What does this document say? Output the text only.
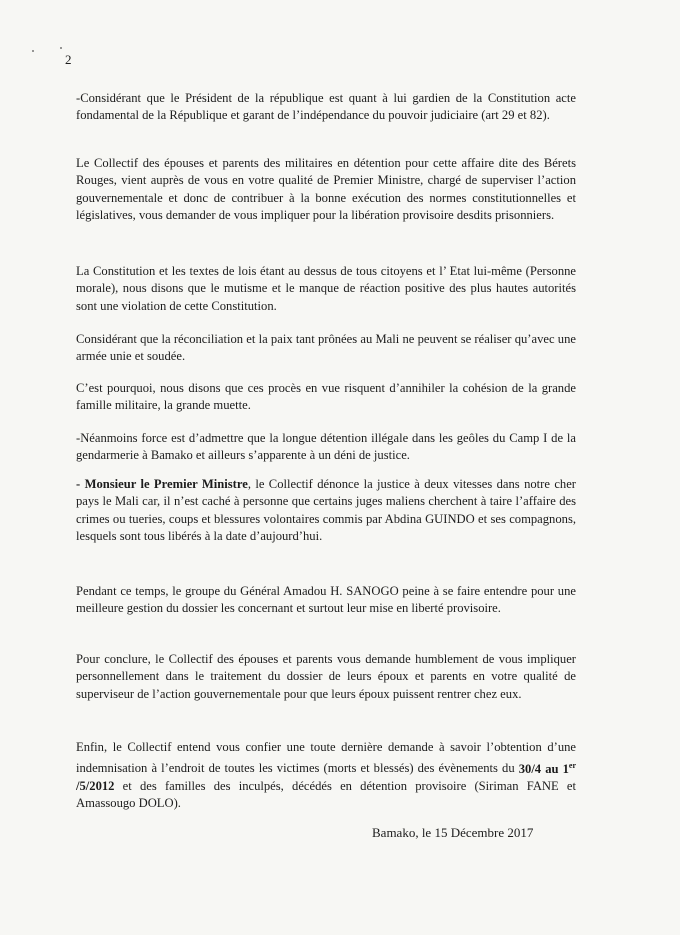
2

-Considérant que le Président de la république est quant à lui gardien de la Constitution acte fondamental de la République et garant de l’indépendance du pouvoir judiciaire (art 29 et 82).

Le Collectif des épouses et parents des militaires en détention pour cette affaire dite des Bérets Rouges, vient auprès de vous en votre qualité de Premier Ministre, chargé de superviser l’action gouvernementale et donc de contribuer à la bonne exécution des normes constitutionnelles et législatives, vous demander de vous impliquer pour la libération provisoire desdits prisonniers.

La Constitution et les textes de lois étant au dessus de tous citoyens et l’ Etat lui-même (Personne morale), nous disons que le mutisme et le manque de réaction positive des plus hautes autorités sont une violation de cette Constitution.

Considérant que la réconciliation et la paix tant prônées au Mali ne peuvent se réaliser qu’avec une armée unie et soudée.

C’est pourquoi, nous disons que ces procès en vue risquent d’annihiler la cohésion de la grande famille militaire, la grande muette.

-Néanmoins force est d’admettre que la longue détention illégale dans les geôles du Camp I de la gendarmerie à Bamako et ailleurs s’apparente à un déni de justice.

- Monsieur le Premier Ministre, le Collectif dénonce la justice à deux vitesses dans notre cher pays le Mali car, il n’est caché à personne que certains juges maliens cherchent à taire l’affaire des crimes ou tueries, coups et blessures volontaires commis par Abdina GUINDO et ses compagnons, lesquels sont tous libérés à la date d’aujourd’hui.

Pendant ce temps, le groupe du Général Amadou H. SANOGO peine à se faire entendre pour une meilleure gestion du dossier les concernant et surtout leur mise en liberté provisoire.

Pour conclure, le Collectif des épouses et parents vous demande humblement de vous impliquer personnellement dans le traitement du dossier de leurs époux et parents en votre qualité de superviseur de l’action gouvernementale pour que leurs époux puissent rentrer chez eux.

Enfin, le Collectif entend vous confier une toute dernière demande à savoir l’obtention d’une indemnisation à l’endroit de toutes les victimes (morts et blessés) des évènements du 30/4 au 1er /5/2012 et des familles des inculpés, décédés en détention provisoire (Siriman FANE et Amassougo DOLO).

Bamako, le 15 Décembre 2017
